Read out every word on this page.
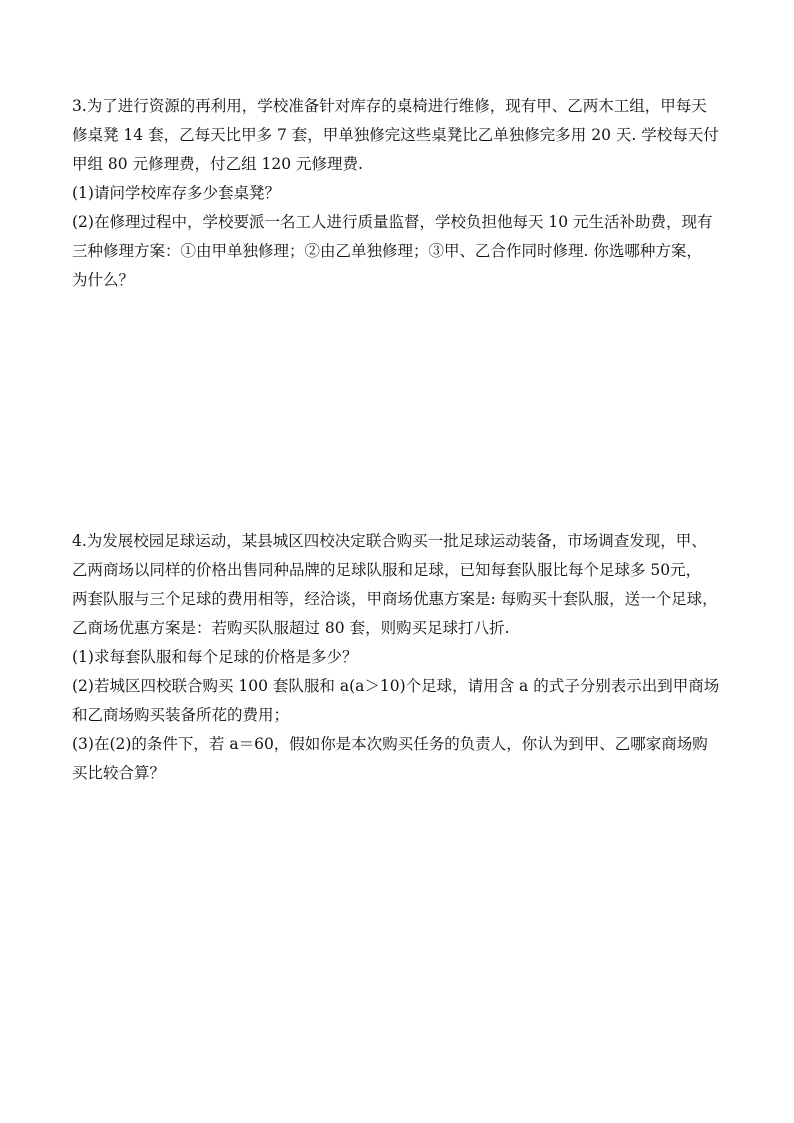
3.为了进行资源的再利用，学校准备针对库存的桌椅进行维修，现有甲、乙两木工组，甲每天
修桌凳 14 套，乙每天比甲多 7 套，甲单独修完这些桌凳比乙单独修完多用 20 天. 学校每天付
甲组 80 元修理费，付乙组 120 元修理费.
(1)请问学校库存多少套桌凳？
(2)在修理过程中，学校要派一名工人进行质量监督，学校负担他每天 10 元生活补助费，现有
三种修理方案：①由甲单独修理；②由乙单独修理；③甲、乙合作同时修理. 你选哪种方案，
为什么？
4.为发展校园足球运动，某县城区四校决定联合购买一批足球运动装备，市场调查发现，甲、
乙两商场以同样的价格出售同种品牌的足球队服和足球，已知每套队服比每个足球多 50元，
两套队服与三个足球的费用相等，经洽谈，甲商场优惠方案是: 每购买十套队服，送一个足球，
乙商场优惠方案是：若购买队服超过 80 套，则购买足球打八折.
(1)求每套队服和每个足球的价格是多少？
(2)若城区四校联合购买 100 套队服和 a(a＞10)个足球，请用含 a 的式子分别表示出到甲商场
和乙商场购买装备所花的费用；
(3)在(2)的条件下，若 a＝60，假如你是本次购买任务的负责人，你认为到甲、乙哪家商场购
买比较合算？
